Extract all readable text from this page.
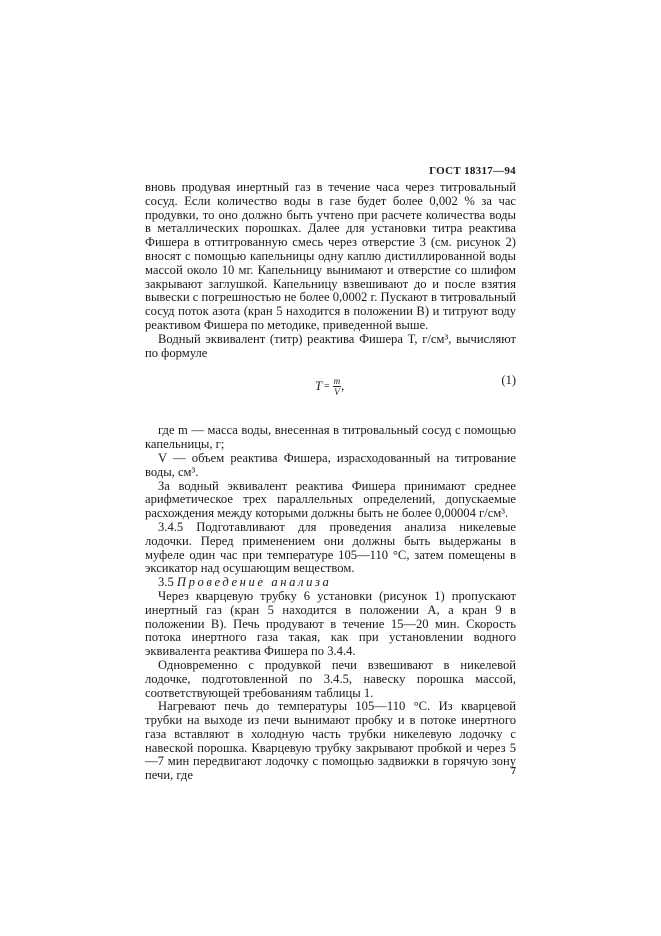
ГОСТ 18317—94

вновь продувая инертный газ в течение часа через титровальный сосуд. Если количество воды в газе будет более 0,002 % за час продувки, то оно должно быть учтено при расчете количества воды в металлических порошках. Далее для установки титра реактива Фишера в оттитрованную смесь через отверстие 3 (см. рисунок 2) вносят с помощью капельницы одну каплю дистиллированной воды массой около 10 мг. Капельницу вынимают и отверстие со шлифом закрывают заглушкой. Капельницу взвешивают до и после взятия вывески с погрешностью не более 0,0002 г. Пускают в титровальный сосуд поток азота (кран 5 находится в положении В) и титруют воду реактивом Фишера по методике, приведенной выше.

Водный эквивалент (титр) реактива Фишера T, г/см³, вычисляют по формуле

$T = \frac{m}{V}$ ,	(1)

где m — масса воды, внесенная в титровальный сосуд с помощью капельницы, г;

V — объем реактива Фишера, израсходованный на титрование воды, см³.

За водный эквивалент реактива Фишера принимают среднее арифметическое трех параллельных определений, допускаемые расхождения между которыми должны быть не более 0,00004 г/см³.

3.4.5 Подготавливают для проведения анализа никелевые лодочки. Перед применением они должны быть выдержаны в муфеле один час при температуре 105—110 °C, затем помещены в эксикатор над осушающим веществом.

3.5 Проведение анализа

Через кварцевую трубку 6 установки (рисунок 1) пропускают инертный газ (кран 5 находится в положении А, а кран 9 в положении В). Печь продувают в течение 15—20 мин. Скорость потока инертного газа такая, как при установлении водного эквивалента реактива Фишера по 3.4.4.

Одновременно с продувкой печи взвешивают в никелевой лодочке, подготовленной по 3.4.5, навеску порошка массой, соответствующей требованиям таблицы 1.

Нагревают печь до температуры 105—110 °C. Из кварцевой трубки на выходе из печи вынимают пробку и в потоке инертного газа вставляют в холодную часть трубки никелевую лодочку с навеской порошка. Кварцевую трубку закрывают пробкой и через 5—7 мин передвигают лодочку с помощью задвижки в горячую зону печи, где	7
